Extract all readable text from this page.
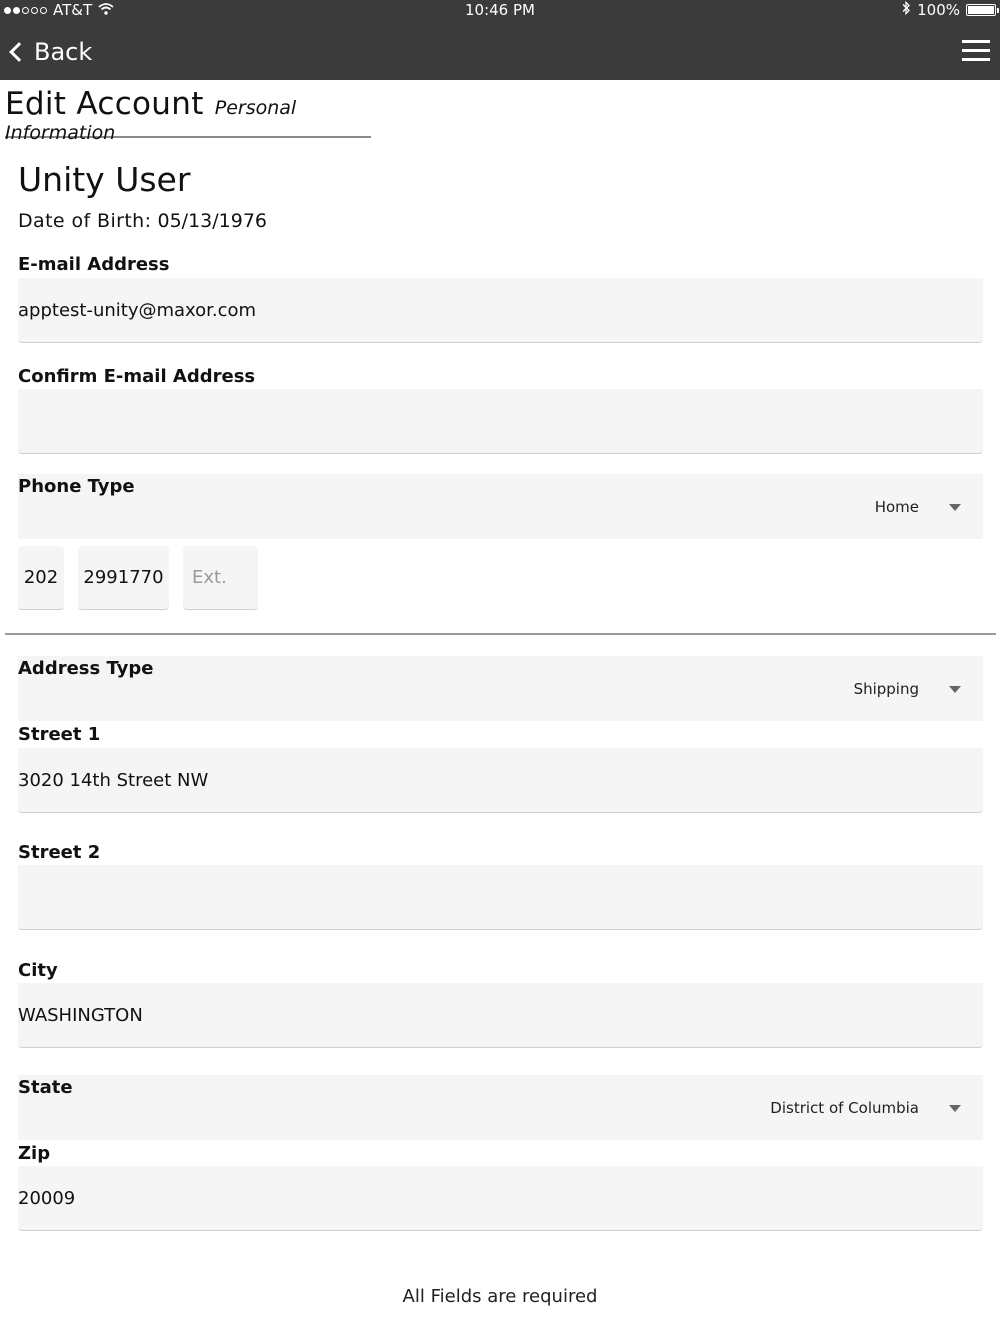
AT&T	10:46 PM	100%
Back
Edit Account Personal Information
Unity User
Date of Birth: 05/13/1976
E-mail Address
apptest-unity@maxor.com
Confirm E-mail Address
Phone Type
Home
202
2991770
Ext.
Address Type
Shipping
Street 1
3020 14th Street NW
Street 2
City
WASHINGTON
State
District of Columbia
Zip
20009
All Fields are required
